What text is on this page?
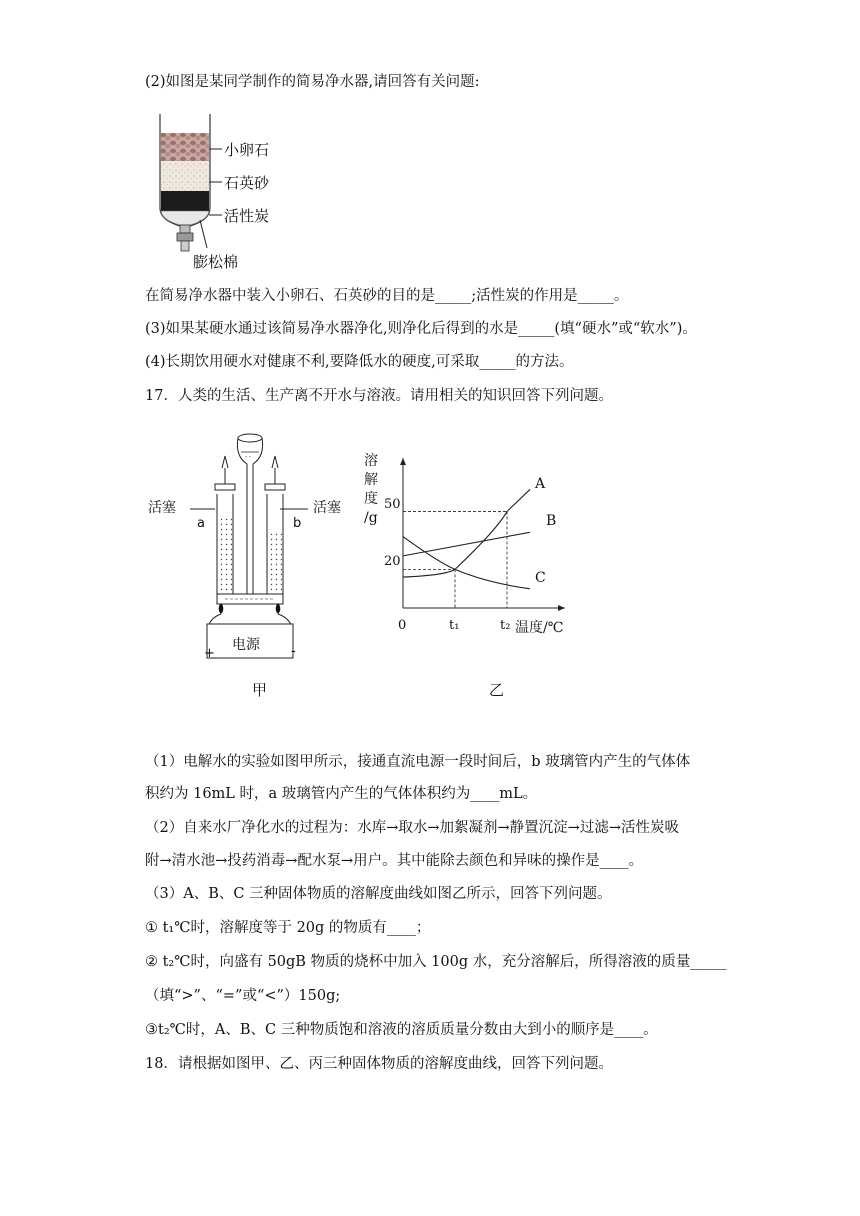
(2)如图是某同学制作的简易净水器,请回答有关问题:
小卵石
石英砂
活性炭
膨松棉
在简易净水器中装入小卵石、石英砂的目的是_____;活性炭的作用是_____。
(3)如果某硬水通过该简易净水器净化,则净化后得到的水是_____(填“硬水”或“软水”)。
(4)长期饮用硬水对健康不利,要降低水的硬度,可采取_____的方法。
17．人类的生活、生产离不开水与溶液。请用相关的知识回答下列问题。
- -
活塞	活塞
a	b
电源
+	-
甲
溶
解
度
/g
50
20
0	t₁	t₂ 温度/℃
A
B
C
乙
（1）电解水的实验如图甲所示，接通直流电源一段时间后，b 玻璃管内产生的气体体
积约为 16mL 时，a 玻璃管内产生的气体体积约为____mL。
（2）自来水厂净化水的过程为：水库→取水→加絮凝剂→静置沉淀→过滤→活性炭吸
附→清水池→投药消毒→配水泵→用户。其中能除去颜色和异味的操作是____。
（3）A、B、C 三种固体物质的溶解度曲线如图乙所示，回答下列问题。
① t₁℃时，溶解度等于 20g 的物质有____；
② t₂℃时，向盛有 50gB 物质的烧杯中加入 100g 水，充分溶解后，所得溶液的质量_____
（填“>”、“=”或“<”）150g;
③t₂℃时，A、B、C 三种物质饱和溶液的溶质质量分数由大到小的顺序是____。
18．请根据如图甲、乙、丙三种固体物质的溶解度曲线，回答下列问题。
